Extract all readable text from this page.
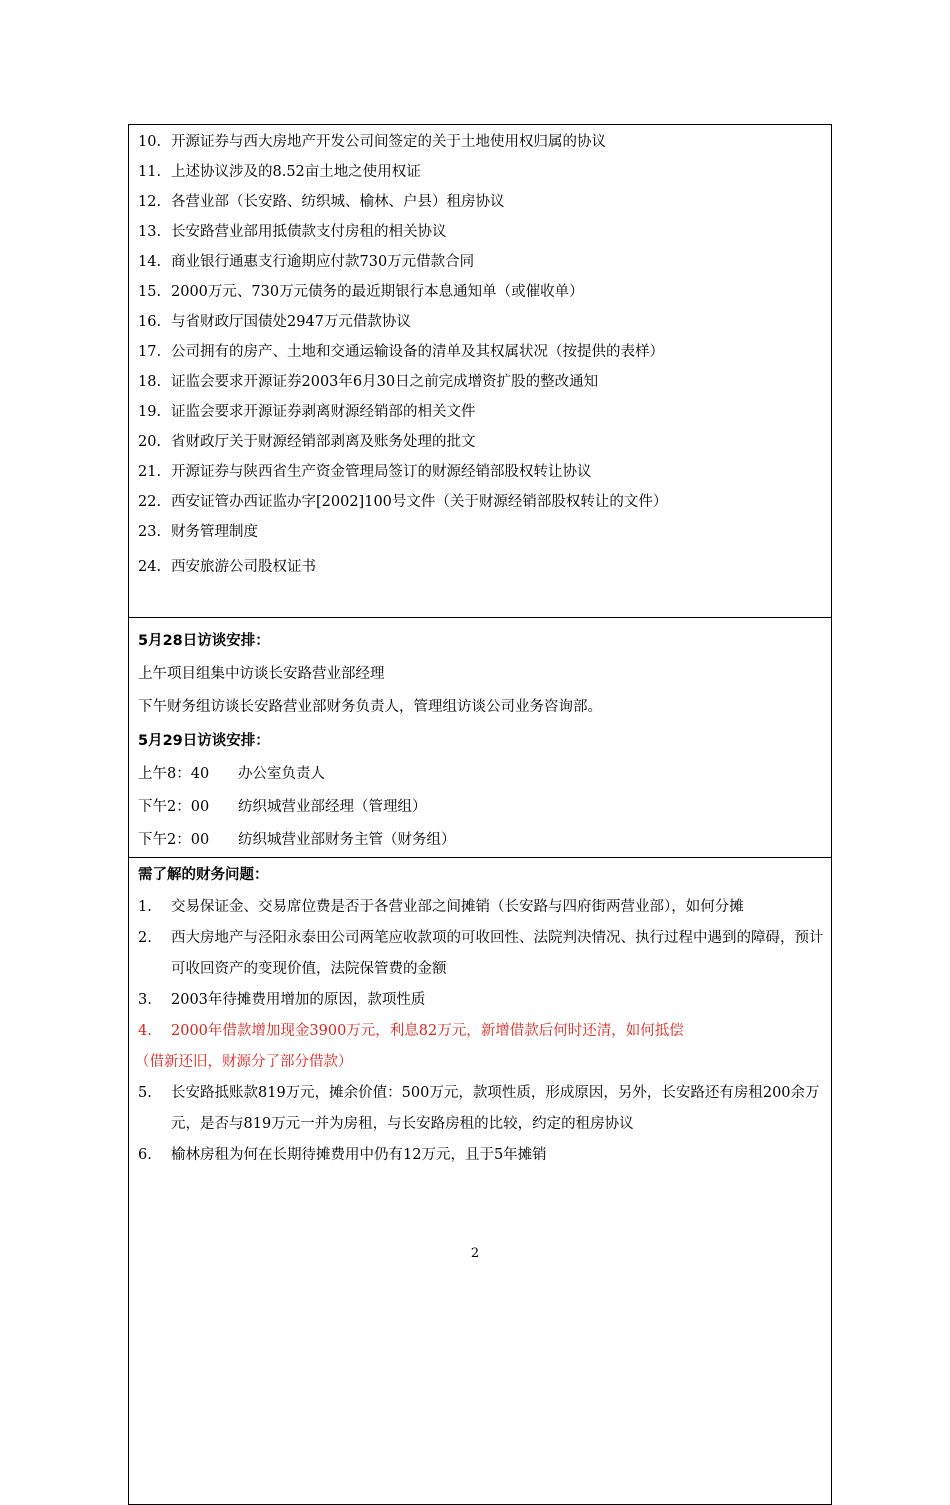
10. 开源证券与西大房地产开发公司间签定的关于土地使用权归属的协议
11. 上述协议涉及的8.52亩土地之使用权证
12. 各营业部（长安路、纺织城、榆林、户县）租房协议
13. 长安路营业部用抵债款支付房租的相关协议
14. 商业银行通惠支行逾期应付款730万元借款合同
15. 2000万元、730万元债务的最近期银行本息通知单（或催收单）
16. 与省财政厅国债处2947万元借款协议
17. 公司拥有的房产、土地和交通运输设备的清单及其权属状况（按提供的表样）
18. 证监会要求开源证券2003年6月30日之前完成增资扩股的整改通知
19. 证监会要求开源证券剥离财源经销部的相关文件
20. 省财政厅关于财源经销部剥离及账务处理的批文
21. 开源证券与陕西省生产资金管理局签订的财源经销部股权转让协议
22. 西安证管办西证监办字[2002]100号文件（关于财源经销部股权转让的文件）
23. 财务管理制度
24. 西安旅游公司股权证书
5月28日访谈安排：
上午项目组集中访谈长安路营业部经理
下午财务组访谈长安路营业部财务负责人，管理组访谈公司业务咨询部。
5月29日访谈安排：
上午8：40 办公室负责人
下午2：00 纺织城营业部经理（管理组）
下午2：00 纺织城营业部财务主管（财务组）
需了解的财务问题：
1.	交易保证金、交易席位费是否于各营业部之间摊销（长安路与四府街两营业部），如何分摊
2.	西大房地产与泾阳永泰田公司两笔应收款项的可收回性、法院判决情况、执行过程中遇到的障碍，预计可收回资产的变现价值，法院保管费的金额
3.	2003年待摊费用增加的原因，款项性质
4.	2000年借款增加现金3900万元，利息82万元，新增借款后何时还清，如何抵偿
（借新还旧，财源分了部分借款）
5.	长安路抵账款819万元，摊余价值：500万元，款项性质，形成原因，另外，长安路还有房租200余万元，是否与819万元一并为房租，与长安路房租的比较，约定的租房协议
6.	榆林房租为何在长期待摊费用中仍有12万元，且于5年摊销
2
